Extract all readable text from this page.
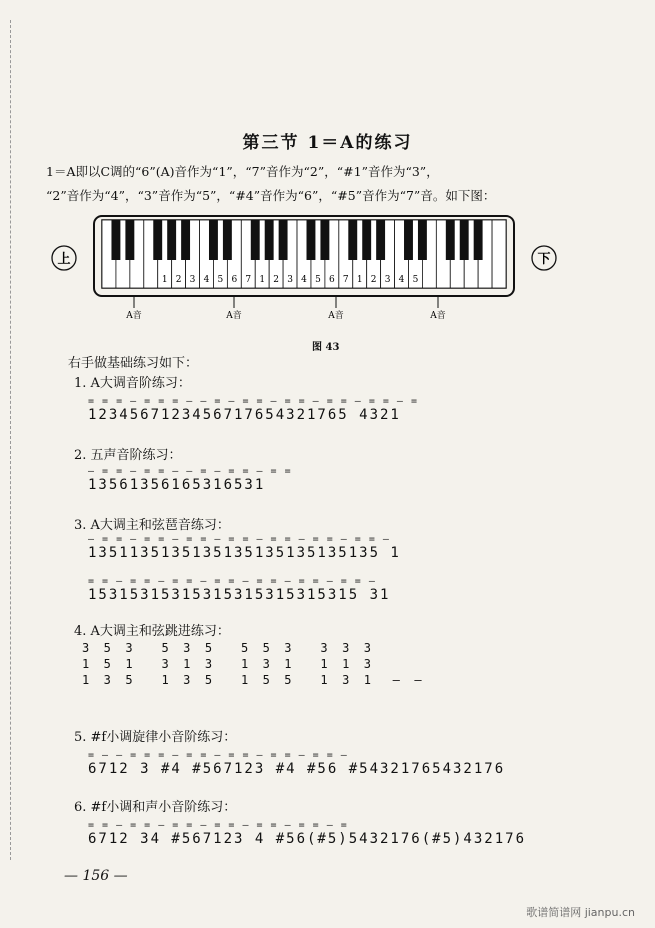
第三节 1＝A的练习
1＝A即以C调的“6”(A)音作为“1”，“7”音作为“2”，“#1”音作为“3”，
“2”音作为“4”，“3”音作为“5”，“#4”音作为“6”，“#5”音作为“7”音。如下图：
1 2 3 4 5 6 7 1 2 3 4 5 6 7 1 2 3 4 5
上	下
A音	A音	A音	A音
图 43
右手做基础练习如下：
1. A大调音阶练习：
= = = — = = = — — = — = = — = = — = = — = = — =
1234567123456717654321765 4321
2. 五声音阶练习：
— = = — = = — — = — = = — = =
13561356165316531
3. A大调主和弦琶音练习：
— = = — = = — = = — = = — = = — = = — = = —
1351135135135135135135135135 1
= = — = = — = = — = = — = = — = = — = = —
15315315315315315315315315 31
4. A大调主和弦跳进练习：
3  5  3    5  3  5    5  5  3    3  3  3
1  5  1    3  1  3    1  3  1    1  1  3
1  3  5    1  3  5    1  5  5    1  3  1   —  —
5. #f小调旋律小音阶练习：
= — — = = = — = = — = = — = = — = = —
6712 3 #4 #567123 #4 #56 #54321765432176
6. #f小调和声小音阶练习：
= = — = = — = = — = = — = = — = = — =
6712 34 #567123 4 #56(#5)5432176(#5)432176
— 156 —
歌谱简谱网 jianpu.cn
